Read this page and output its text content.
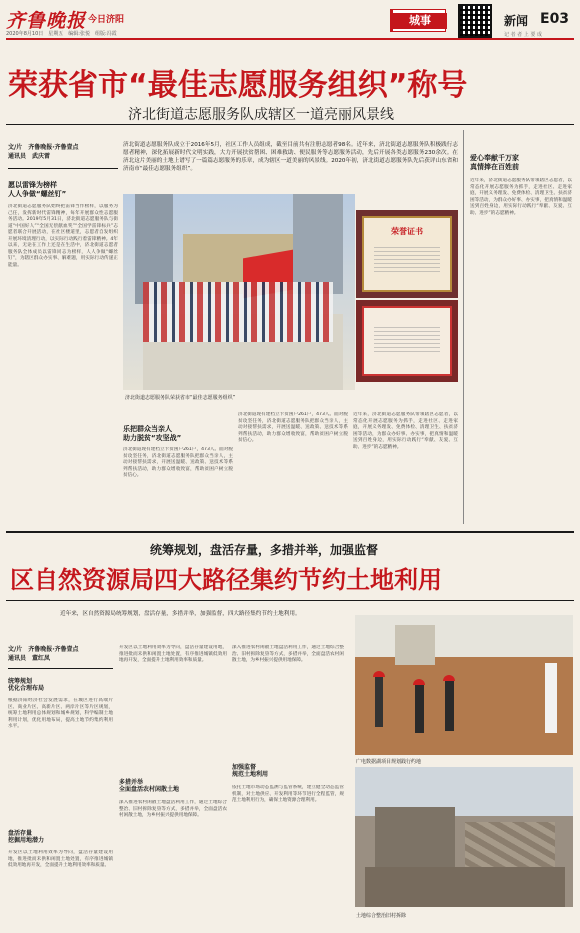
齐鲁晚报 今日济阳
2020年8月10日　星期五　编辑:张悦　组版:冯霞
城事	新闻 E03
记 者 者 上 要 成
荣获省市“最佳志愿服务组织”称号
济北街道志愿服务队成辖区一道亮丽风景线
文/片　齐鲁晚报·齐鲁壹点
通讯员　武庆雷
愿以雷锋为榜样
人人争做“螺丝钉”
济北街道志愿服务队始终把雷锋当作榜样，以服务为己任，发挥新时代雷锋精神，每年开展群众性志愿服务活动。2019年5月31日，济北街道志愿服务队与街道“中国好人”“全国无偿献血奖”“全国学雷锋标兵”志愿者联合开展活动，在社区楼道里，志愿者自发组织开展环境清理行动，以实际行动践行着雷锋精神。4年以来，无论在工作上还是在生活中，济北街道志愿者服务队全体成员以雷锋同志为榜样，人人争做“螺丝钉”，为辖区群众办实事、解难题，用实际行动传递正能量。
济北街道志愿服务队成立于2016年5月，社区工作人员组成，截至目前共有注册志愿者98名。近年来，济北街道志愿服务队积极践行志愿者精神，深化拓展新时代文明实践，大力开展扶贫帮困、困难救助、便民服务等志愿服务活动，先后开展各类志愿服务230余次。在济北这片美丽的土地上谱写了一篇篇志愿服务的乐章，成为辖区一道美丽的风景线。2020年初，济北街道志愿服务队先后获评山东省和济南市“最佳志愿服务组织”。
荣誉证书
济北街道志愿服务队荣获省市“最佳志愿服务组织”
乐把群众当亲人
助力脱贫“攻坚战”
济北街道现有建档立卡贫困户261户，473人。面对脱贫攻坚任务，济北街道志愿服务队把群众当亲人，主动对接帮扶需求，开展送温暖、送政策、送技术等系列帮扶活动，助力群众增收致富，帮助贫困户树立脱贫信心。
济北街道现有建档立卡贫困户261户，473人。面对脱贫攻坚任务，济北街道志愿服务队把群众当亲人，主动对接帮扶需求，开展送温暖、送政策、送技术等系列帮扶活动，助力群众增收致富，帮助贫困户树立脱贫信心。
近年来，济北街道志愿服务队带领辖区志愿者，以常态化开展志愿服务为抓手，走进社区、走进家庭，开展义务理发、免费体检、清理卫生、扶贫济困等活动，为群众办好事、办实事，把真情和温暖送到百姓身边，用实际行动践行“奉献、友爱、互助、进步”的志愿精神。
爱心奉献千万家
真情捧在百姓前
近年来，济北街道志愿服务队带领辖区志愿者，以常态化开展志愿服务为抓手，走进社区、走进家庭，开展义务理发、免费体检、清理卫生、扶贫济困等活动，为群众办好事、办实事，把真情和温暖送到百姓身边，用实际行动践行“奉献、友爱、互助、进步”的志愿精神。
统筹规划，盘活存量，多措并举，加强监督
区自然资源局四大路径集约节约土地利用
近年来，区自然资源局统筹规划，盘活存量，多措并举，加强监督，四大路径集约节约土地利用。
文/片　齐鲁晚报·齐鲁壹点
通讯员　董红凤
统筹规划
优化合理布局
根据济阳经济社会发展需求，在城区进行高端片区、商业片区、高新片区、两岸片区等片区规划，统筹土地利用总体规划和城乡规划，科学编制土地利用计划，优化用地布局，提高土地节约集约利用水平。
盘活存量
挖掘用地潜力
开发区以土地利用效率为导向，盘活存量建设用地，推进批而未供和闲置土地处置，有序推进城镇低效用地再开发，全面提升土地利用效率和质量。
开发区以土地利用效率为导向，盘活存量建设用地，推进批而未供和闲置土地处置，有序推进城镇低效用地再开发，全面提升土地利用效率和质量。
多措并举
全面盘活农村闲散土地
深入推进农村闲散土地盘活利用工作，通过土地综合整治、旧村拆除复垦等方式，多措并举，全面盘活农村闲散土地，为乡村振兴提供用地保障。
深入推进农村闲散土地盘活利用工作，通过土地综合整治、旧村拆除复垦等方式，多措并举，全面盘活农村闲散土地，为乡村振兴提供用地保障。
加强监督
规范土地利用
依托土地市场动态监测与监管系统，建立健全动态监管机制，对土地供应、开发利用等环节进行全程监管，规范土地利用行为，确保土地资源合理利用。
广电数据湖项目规划践行约地
土地综合整治旧村拆除
